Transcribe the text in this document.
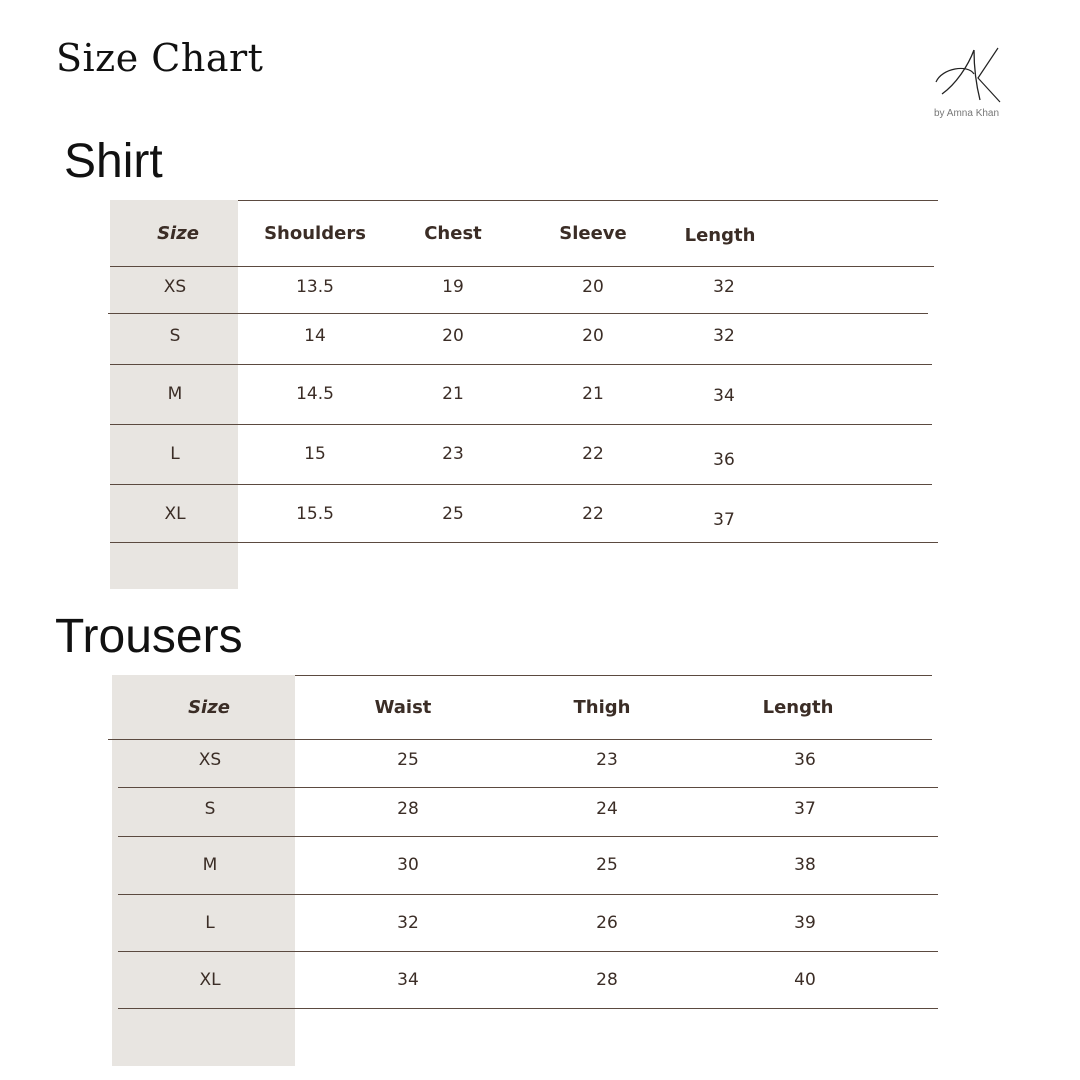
Size Chart
by Amna Khan
Shirt
Size	Shoulders	Chest	Sleeve	Length
XS	13.5	19	20	32
S	14	20	20	32
M	14.5	21	21	34
L	15	23	22	36
XL	15.5	25	22	37
Trousers
Size	Waist	Thigh	Length
XS	25	23	36
S	28	24	37
M	30	25	38
L	32	26	39
XL	34	28	40
